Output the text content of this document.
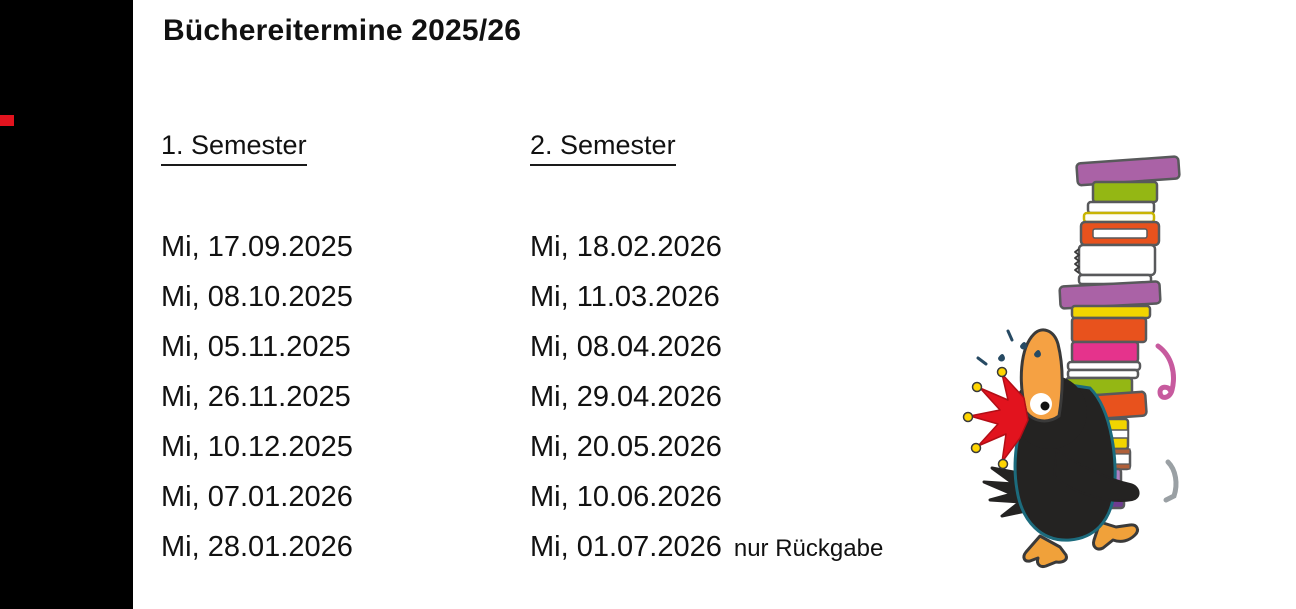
Büchereitermine 2025/26
1. Semester
Mi, 17.09.2025
Mi, 08.10.2025
Mi, 05.11.2025
Mi, 26.11.2025
Mi, 10.12.2025
Mi, 07.01.2026
Mi, 28.01.2026
2. Semester
Mi, 18.02.2026
Mi, 11.03.2026
Mi, 08.04.2026
Mi, 29.04.2026
Mi, 20.05.2026
Mi, 10.06.2026
Mi, 01.07.2026 nur Rückgabe
